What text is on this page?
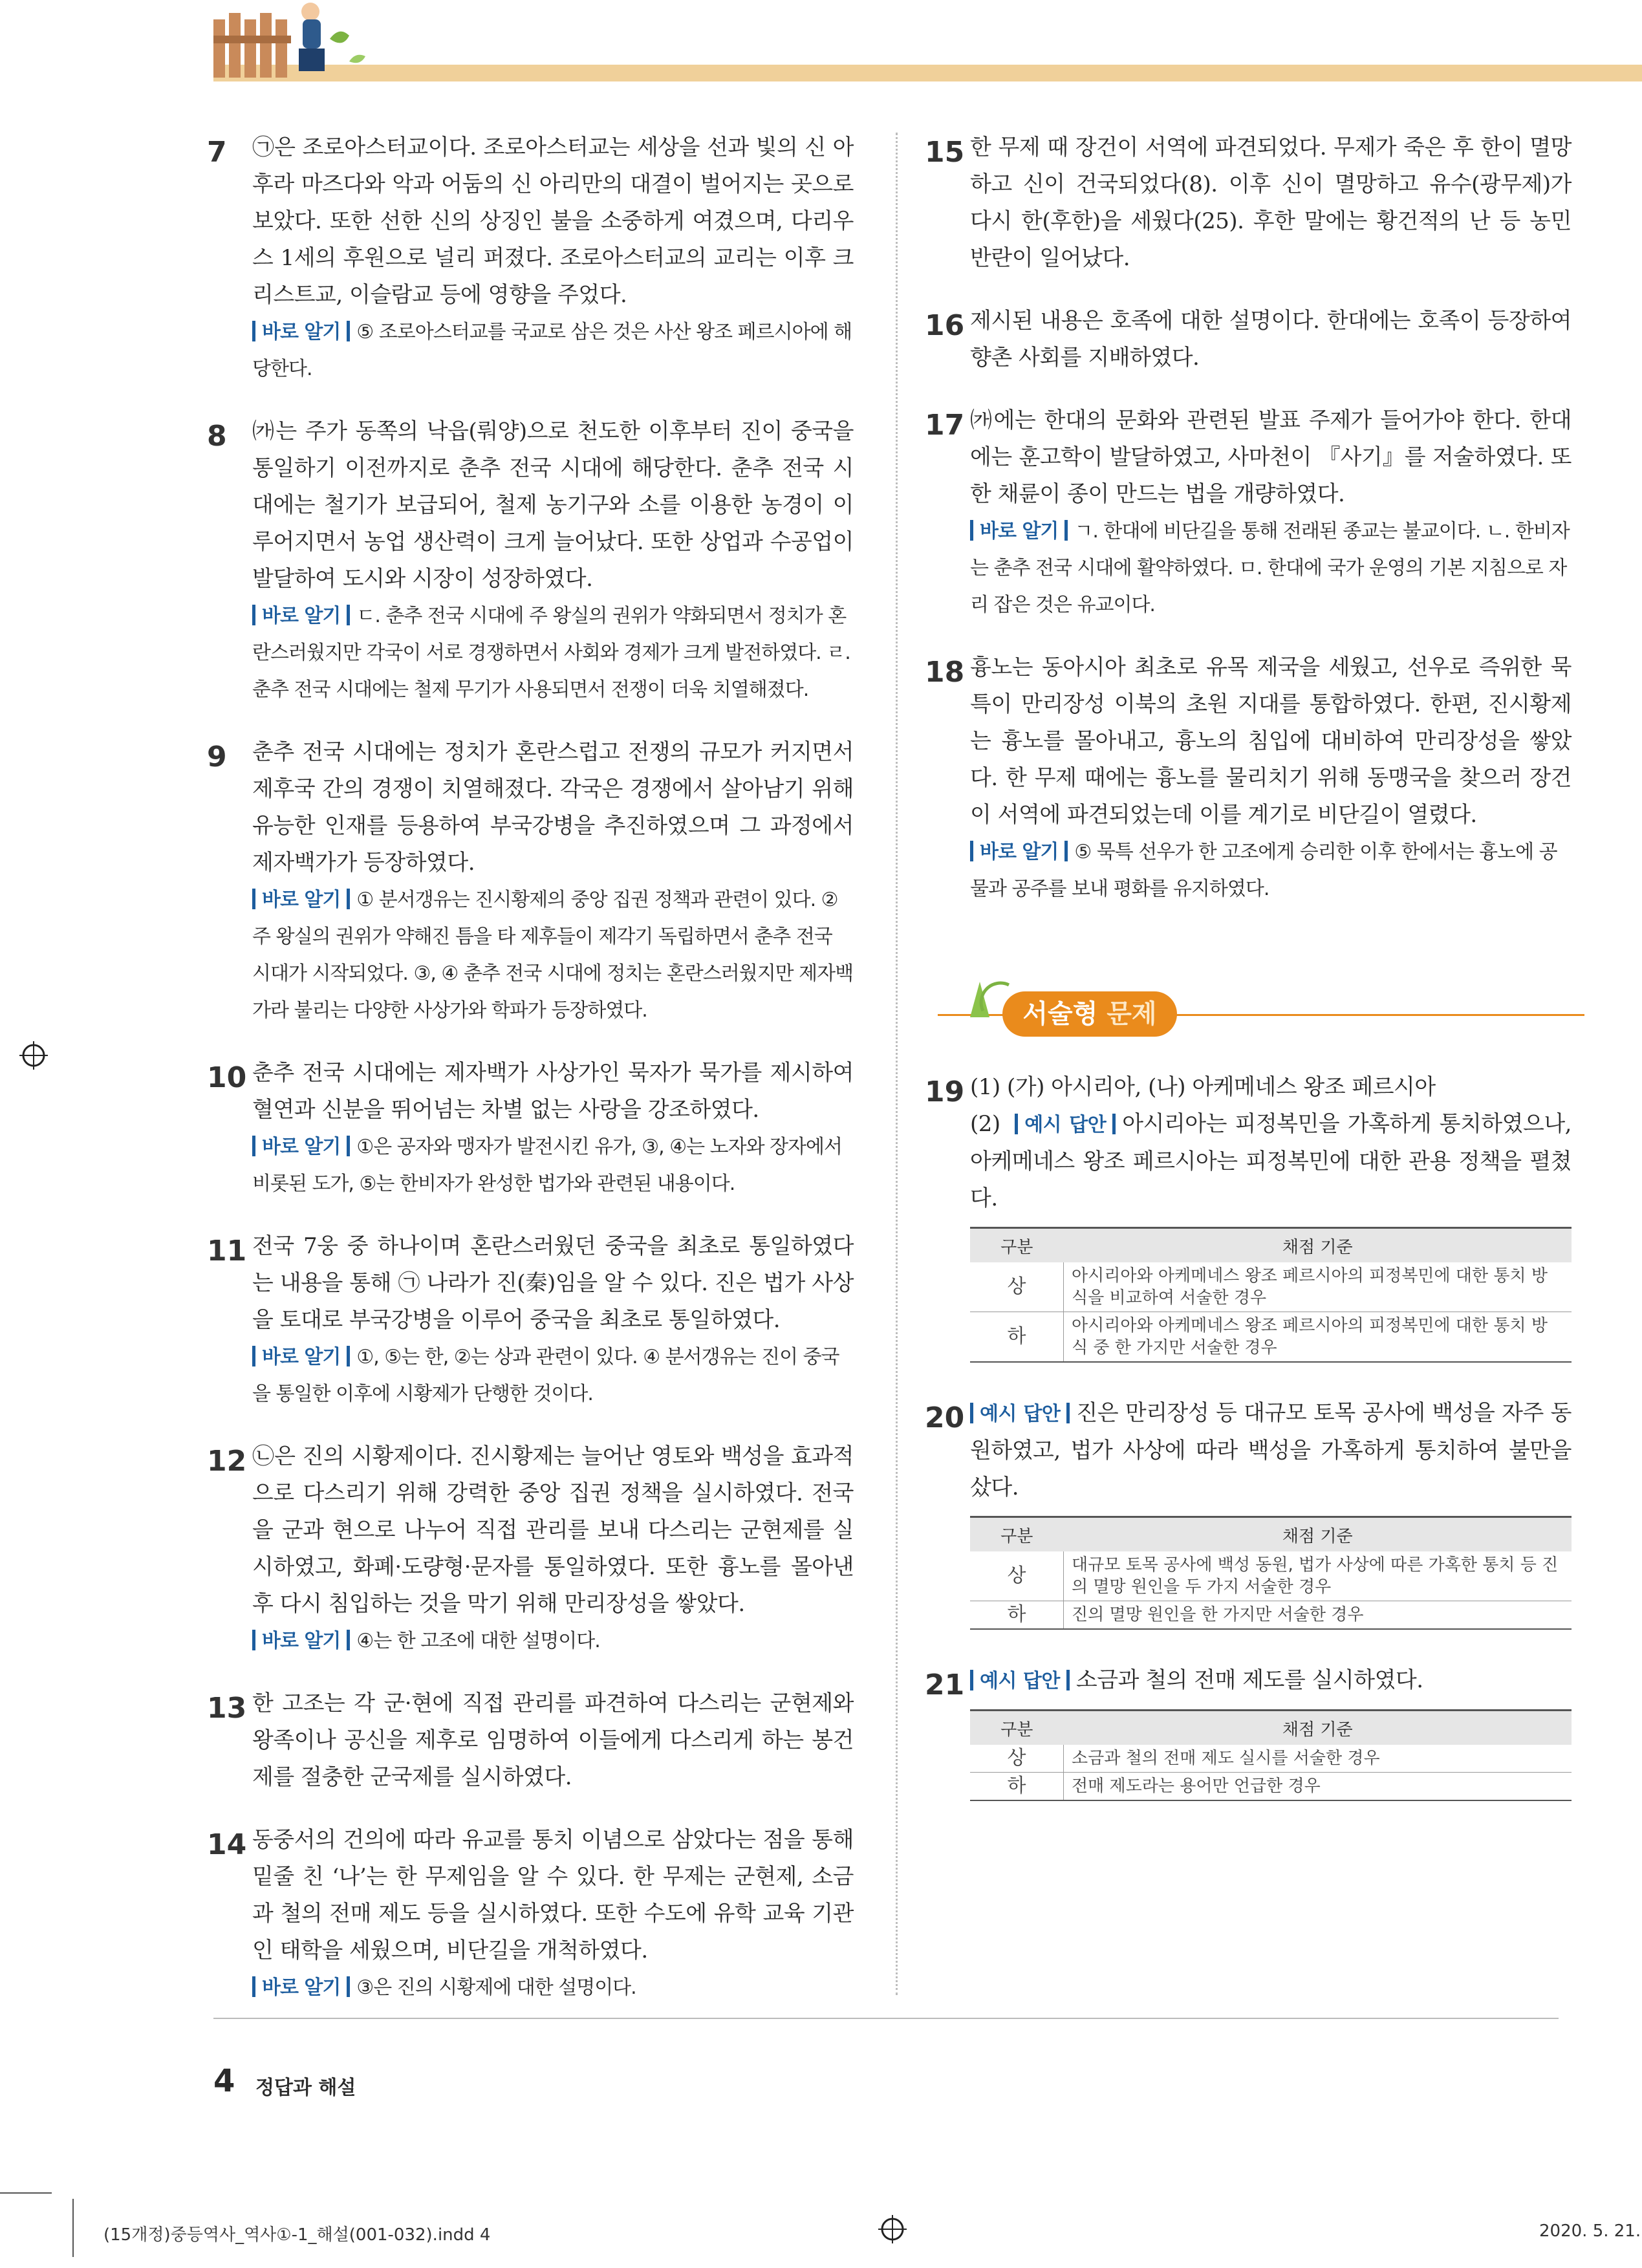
7 ㉠은 조로아스터교이다. 조로아스터교는 세상을 선과 빛의 신 아후라 마즈다와 악과 어둠의 신 아리만의 대결이 벌어지는 곳으로 보았다. 또한 선한 신의 상징인 불을 소중하게 여겼으며, 다리우스 1세의 후원으로 널리 퍼졌다. 조로아스터교의 교리는 이후 크리스트교, 이슬람교 등에 영향을 주었다.
바로 알기 ⑤ 조로아스터교를 국교로 삼은 것은 사산 왕조 페르시아에 해당한다.
8 ㈎는 주가 동쪽의 낙읍(뤄양)으로 천도한 이후부터 진이 중국을 통일하기 이전까지로 춘추 전국 시대에 해당한다. 춘추 전국 시대에는 철기가 보급되어, 철제 농기구와 소를 이용한 농경이 이루어지면서 농업 생산력이 크게 늘어났다. 또한 상업과 수공업이 발달하여 도시와 시장이 성장하였다.
바로 알기 ㄷ. 춘추 전국 시대에 주 왕실의 권위가 약화되면서 정치가 혼란스러웠지만 각국이 서로 경쟁하면서 사회와 경제가 크게 발전하였다. ㄹ. 춘추 전국 시대에는 철제 무기가 사용되면서 전쟁이 더욱 치열해졌다.
9 춘추 전국 시대에는 정치가 혼란스럽고 전쟁의 규모가 커지면서 제후국 간의 경쟁이 치열해졌다. 각국은 경쟁에서 살아남기 위해 유능한 인재를 등용하여 부국강병을 추진하였으며 그 과정에서 제자백가가 등장하였다.
바로 알기 ① 분서갱유는 진시황제의 중앙 집권 정책과 관련이 있다. ② 주 왕실의 권위가 약해진 틈을 타 제후들이 제각기 독립하면서 춘추 전국 시대가 시작되었다. ③, ④ 춘추 전국 시대에 정치는 혼란스러웠지만 제자백가라 불리는 다양한 사상가와 학파가 등장하였다.
10 춘추 전국 시대에는 제자백가 사상가인 묵자가 묵가를 제시하여 혈연과 신분을 뛰어넘는 차별 없는 사랑을 강조하였다.
바로 알기 ①은 공자와 맹자가 발전시킨 유가, ③, ④는 노자와 장자에서 비롯된 도가, ⑤는 한비자가 완성한 법가와 관련된 내용이다.
11 전국 7웅 중 하나이며 혼란스러웠던 중국을 최초로 통일하였다는 내용을 통해 ㉠ 나라가 진(秦)임을 알 수 있다. 진은 법가 사상을 토대로 부국강병을 이루어 중국을 최초로 통일하였다.
바로 알기 ①, ⑤는 한, ②는 상과 관련이 있다. ④ 분서갱유는 진이 중국을 통일한 이후에 시황제가 단행한 것이다.
12 ㉡은 진의 시황제이다. 진시황제는 늘어난 영토와 백성을 효과적으로 다스리기 위해 강력한 중앙 집권 정책을 실시하였다. 전국을 군과 현으로 나누어 직접 관리를 보내 다스리는 군현제를 실시하였고, 화폐·도량형·문자를 통일하였다. 또한 흉노를 몰아낸 후 다시 침입하는 것을 막기 위해 만리장성을 쌓았다.
바로 알기 ④는 한 고조에 대한 설명이다.
13 한 고조는 각 군·현에 직접 관리를 파견하여 다스리는 군현제와 왕족이나 공신을 제후로 임명하여 이들에게 다스리게 하는 봉건제를 절충한 군국제를 실시하였다.
14 동중서의 건의에 따라 유교를 통치 이념으로 삼았다는 점을 통해 밑줄 친 ‘나’는 한 무제임을 알 수 있다. 한 무제는 군현제, 소금과 철의 전매 제도 등을 실시하였다. 또한 수도에 유학 교육 기관인 태학을 세웠으며, 비단길을 개척하였다.
바로 알기 ③은 진의 시황제에 대한 설명이다.
15 한 무제 때 장건이 서역에 파견되었다. 무제가 죽은 후 한이 멸망하고 신이 건국되었다(8). 이후 신이 멸망하고 유수(광무제)가 다시 한(후한)을 세웠다(25). 후한 말에는 황건적의 난 등 농민 반란이 일어났다.
16 제시된 내용은 호족에 대한 설명이다. 한대에는 호족이 등장하여 향촌 사회를 지배하였다.
17 ㈎에는 한대의 문화와 관련된 발표 주제가 들어가야 한다. 한대에는 훈고학이 발달하였고, 사마천이 『사기』를 저술하였다. 또한 채륜이 종이 만드는 법을 개량하였다.
바로 알기 ㄱ. 한대에 비단길을 통해 전래된 종교는 불교이다. ㄴ. 한비자는 춘추 전국 시대에 활약하였다. ㅁ. 한대에 국가 운영의 기본 지침으로 자리 잡은 것은 유교이다.
18 흉노는 동아시아 최초로 유목 제국을 세웠고, 선우로 즉위한 묵특이 만리장성 이북의 초원 지대를 통합하였다. 한편, 진시황제는 흉노를 몰아내고, 흉노의 침입에 대비하여 만리장성을 쌓았다. 한 무제 때에는 흉노를 물리치기 위해 동맹국을 찾으러 장건이 서역에 파견되었는데 이를 계기로 비단길이 열렸다.
바로 알기 ⑤ 묵특 선우가 한 고조에게 승리한 이후 한에서는 흉노에 공물과 공주를 보내 평화를 유지하였다.
서술형 문제
19 (1) (가) 아시리아, (나) 아케메네스 왕조 페르시아
(2) 예시 답안 아시리아는 피정복민을 가혹하게 통치하였으나, 아케메네스 왕조 페르시아는 피정복민에 대한 관용 정책을 펼쳤다.
구분	채점 기준
상	아시리아와 아케메네스 왕조 페르시아의 피정복민에 대한 통치 방식을 비교하여 서술한 경우
하	아시리아와 아케메네스 왕조 페르시아의 피정복민에 대한 통치 방식 중 한 가지만 서술한 경우
20 예시 답안 진은 만리장성 등 대규모 토목 공사에 백성을 자주 동원하였고, 법가 사상에 따라 백성을 가혹하게 통치하여 불만을 샀다.
구분	채점 기준
상	대규모 토목 공사에 백성 동원, 법가 사상에 따른 가혹한 통치 등 진의 멸망 원인을 두 가지 서술한 경우
하	진의 멸망 원인을 한 가지만 서술한 경우
21 예시 답안 소금과 철의 전매 제도를 실시하였다.
구분	채점 기준
상	소금과 철의 전매 제도 실시를 서술한 경우
하	전매 제도라는 용어만 언급한 경우
4 정답과 해설
(15개정)중등역사_역사①-1_해설(001-032).indd 4	2020. 5. 21.
